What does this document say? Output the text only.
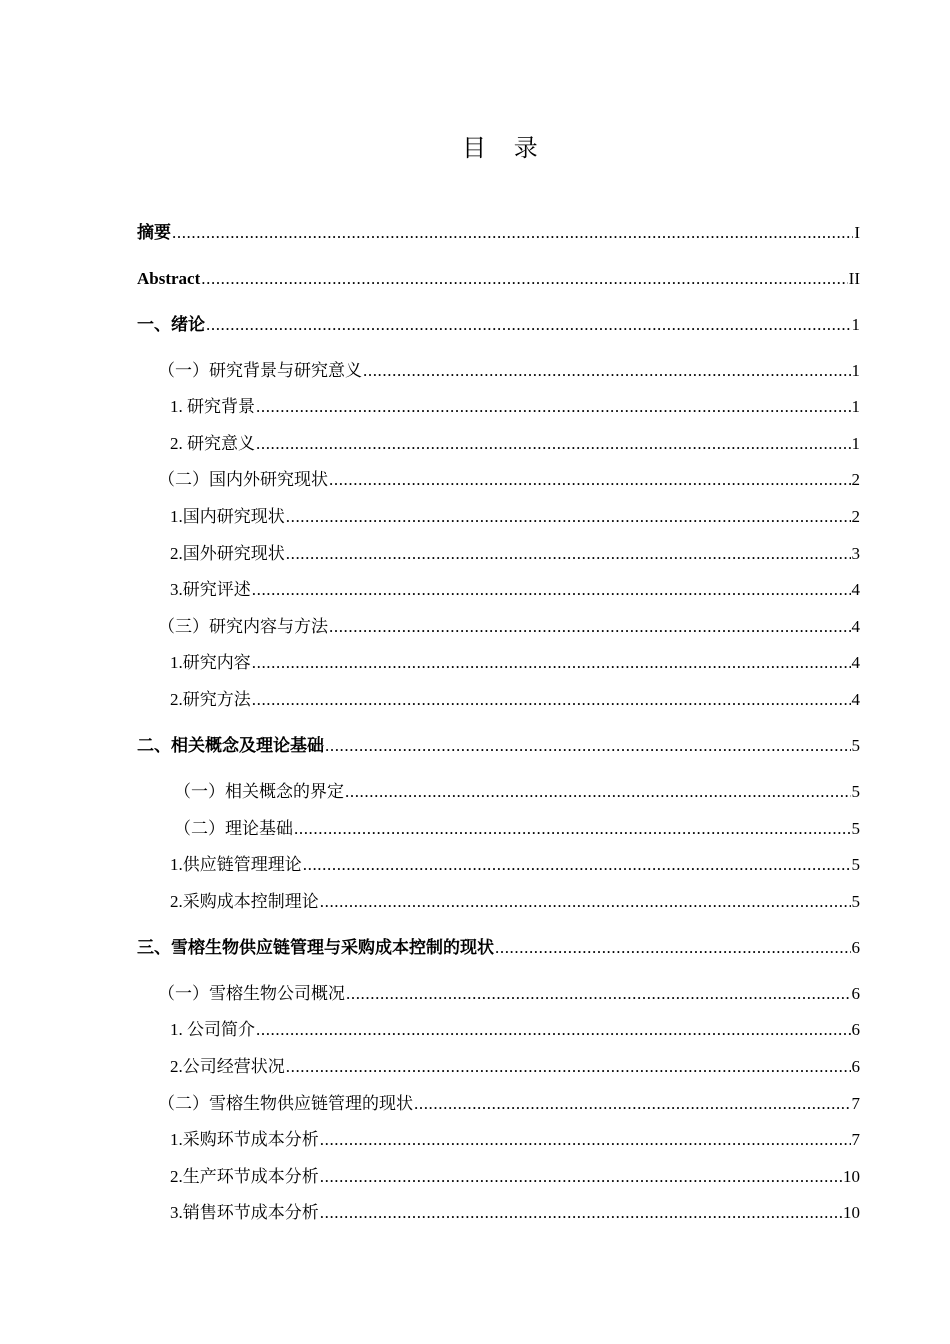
目 录
摘要 .....	I
Abstract .....	II
一、绪论 .....	1
（一）研究背景与研究意义 .....	1
1. 研究背景 .....	1
2. 研究意义 .....	1
（二）国内外研究现状 .....	2
1.国内研究现状 .....	2
2.国外研究现状 .....	3
3.研究评述 .....	4
（三）研究内容与方法 .....	4
1.研究内容 .....	4
2.研究方法 .....	4
二、相关概念及理论基础 .....	5
（一）相关概念的界定 .....	5
（二）理论基础 .....	5
1.供应链管理理论 .....	5
2.采购成本控制理论 .....	5
三、雪榕生物供应链管理与采购成本控制的现状 .....	6
（一）雪榕生物公司概况 .....	6
1. 公司简介 .....	6
2.公司经营状况 .....	6
（二）雪榕生物供应链管理的现状 .....	7
1.采购环节成本分析 .....	7
2.生产环节成本分析 .....	10
3.销售环节成本分析 .....	10
